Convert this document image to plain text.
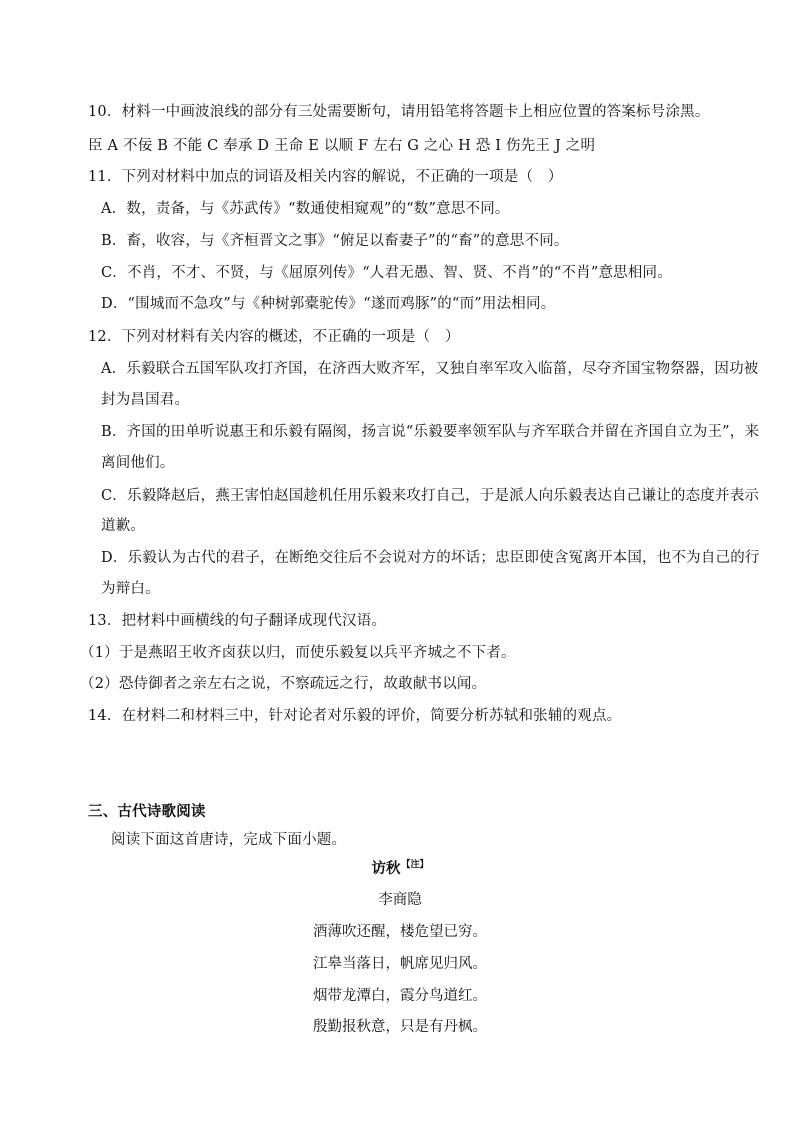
10．材料一中画波浪线的部分有三处需要断句，请用铅笔将答题卡上相应位置的答案标号涂黑。
臣 A 不佞 B 不能 C 奉承 D 王命 E 以顺 F 左右 G 之心 H 恐 I 伤先王 J 之明
11．下列对材料中加点的词语及相关内容的解说，不正确的一项是（　）
A．数，责备，与《苏武传》“数通使相窥观”的“数”意思不同。
B．畜，收容，与《齐桓晋文之事》“俯足以畜妻子”的“畜”的意思不同。
C．不肖，不才、不贤，与《屈原列传》“人君无愚、智、贤、不肖”的“不肖”意思相同。
D．“围城而不急攻”与《种树郭橐驼传》“遂而鸡豚”的“而”用法相同。
12．下列对材料有关内容的概述，不正确的一项是（　）
A．乐毅联合五国军队攻打齐国，在济西大败齐军，又独自率军攻入临菑，尽夺齐国宝物祭器，因功被
封为昌国君。
B．齐国的田单听说惠王和乐毅有隔阂，扬言说“乐毅要率领军队与齐军联合并留在齐国自立为王”，来
离间他们。
C．乐毅降赵后，燕王害怕赵国趁机任用乐毅来攻打自己，于是派人向乐毅表达自己谦让的态度并表示
道歉。
D．乐毅认为古代的君子，在断绝交往后不会说对方的坏话；忠臣即使含冤离开本国，也不为自己的行
为辩白。
13．把材料中画横线的句子翻译成现代汉语。
（1）于是燕昭王收齐卤获以归，而使乐毅复以兵平齐城之不下者。
（2）恐侍御者之亲左右之说，不察疏远之行，故敢献书以闻。
14．在材料二和材料三中，针对论者对乐毅的评价，简要分析苏轼和张辅的观点。
三、古代诗歌阅读
阅读下面这首唐诗，完成下面小题。
访秋$^{【注】}$
李商隐
酒薄吹还醒，楼危望已穷。
江皋当落日，帆席见归风。
烟带龙潭白，霞分鸟道红。
殷勤报秋意，只是有丹枫。
